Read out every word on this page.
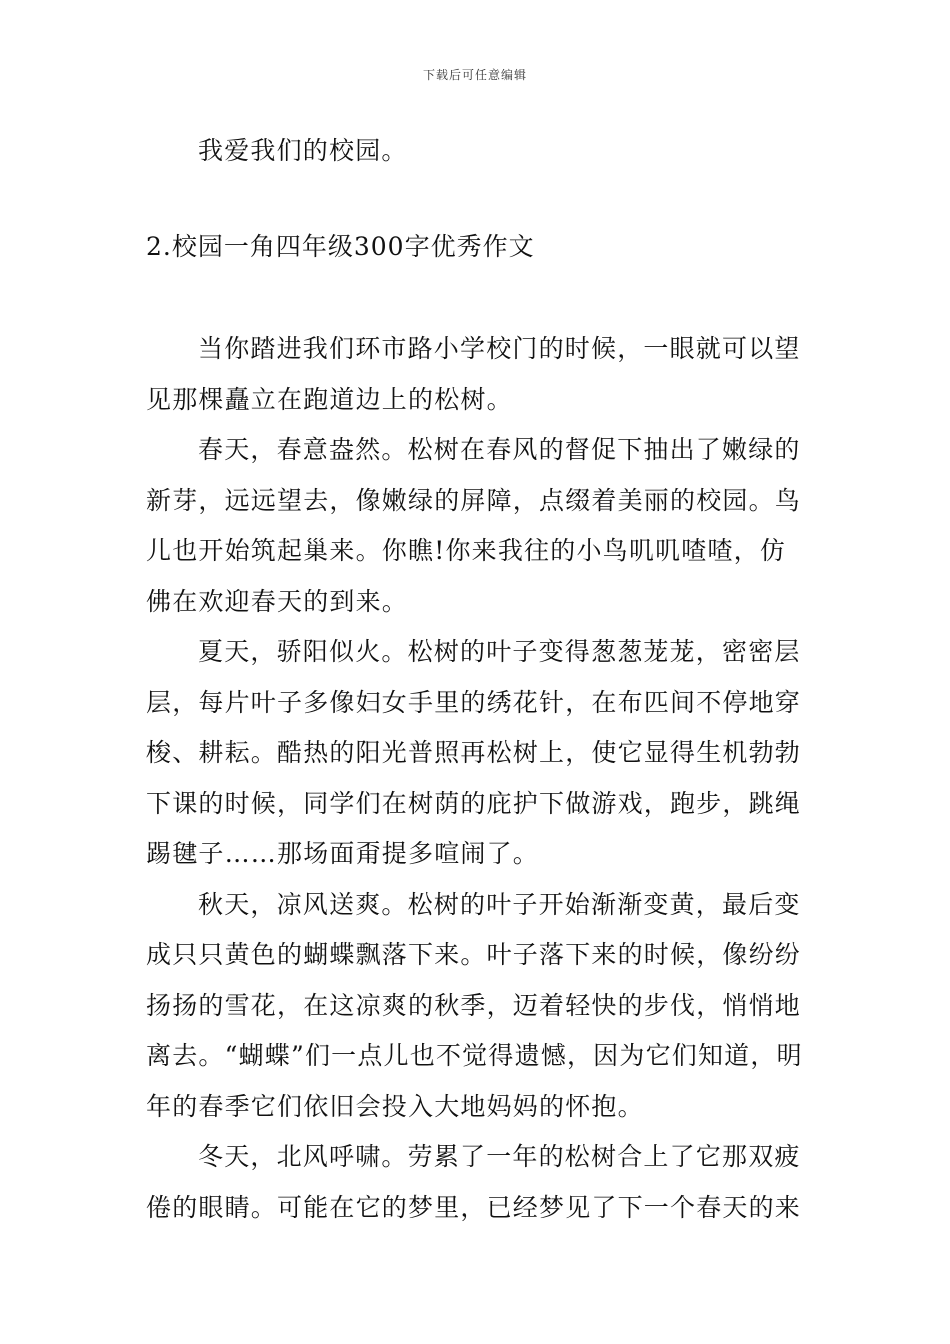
下载后可任意编辑
我爱我们的校园。
2.校园一角四年级300字优秀作文

当你踏进我们环市路小学校门的时候，一眼就可以望见那棵矗立在跑道边上的松树。

春天，春意盎然。松树在春风的督促下抽出了嫩绿的新芽，远远望去，像嫩绿的屏障，点缀着美丽的校园。鸟儿也开始筑起巢来。你瞧!你来我往的小鸟叽叽喳喳，仿佛在欢迎春天的到来。

夏天，骄阳似火。松树的叶子变得葱葱茏茏，密密层层，每片叶子多像妇女手里的绣花针，在布匹间不停地穿梭、耕耘。酷热的阳光普照再松树上，使它显得生机勃勃下课的时候，同学们在树荫的庇护下做游戏，跑步，跳绳踢毽子……那场面甭提多喧闹了。

秋天，凉风送爽。松树的叶子开始渐渐变黄，最后变成只只黄色的蝴蝶飘落下来。叶子落下来的时候，像纷纷扬扬的雪花，在这凉爽的秋季，迈着轻快的步伐，悄悄地离去。“蝴蝶”们一点儿也不觉得遗憾，因为它们知道，明年的春季它们依旧会投入大地妈妈的怀抱。

冬天，北风呼啸。劳累了一年的松树合上了它那双疲倦的眼睛。可能在它的梦里，已经梦见了下一个春天的来
